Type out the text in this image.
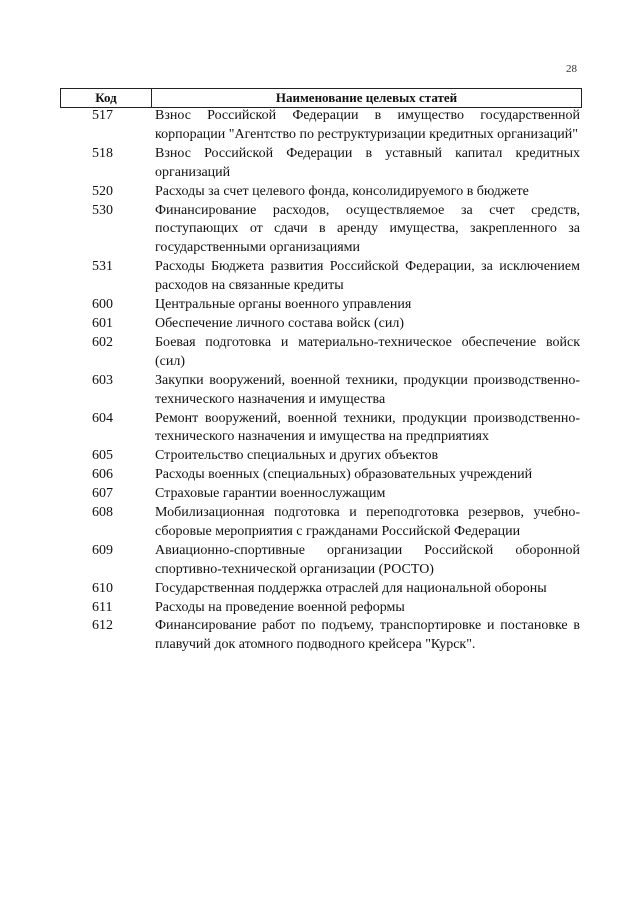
28
Код	Наименование целевых статей
517	Взнос Российской Федерации в имущество государственной корпорации "Агентство по реструктуризации кредитных организаций"
518	Взнос Российской Федерации в уставный капитал кредитных организаций
520	Расходы за счет целевого фонда, консолидируемого в бюджете
530	Финансирование расходов, осуществляемое за счет средств, поступающих от сдачи в аренду имущества, закрепленного за государственными организациями
531	Расходы Бюджета развития Российской Федерации, за исключением расходов на связанные кредиты
600	Центральные органы военного управления
601	Обеспечение личного состава войск (сил)
602	Боевая подготовка и материально-техническое обеспечение войск (сил)
603	Закупки вооружений, военной техники, продукции производственно-технического назначения и имущества
604	Ремонт вооружений, военной техники, продукции производственно-технического назначения и имущества на предприятиях
605	Строительство специальных и других объектов
606	Расходы военных (специальных) образовательных учреждений
607	Страховые гарантии военнослужащим
608	Мобилизационная подготовка и переподготовка резервов, учебно-сборовые мероприятия с гражданами Российской Федерации
609	Авиационно-спортивные организации Российской оборонной спортивно-технической организации (РОСТО)
610	Государственная поддержка отраслей для национальной обороны
611	Расходы на проведение военной реформы
612	Финансирование работ по подъему, транспортировке и постановке в плавучий док атомного подводного крейсера "Курск".
